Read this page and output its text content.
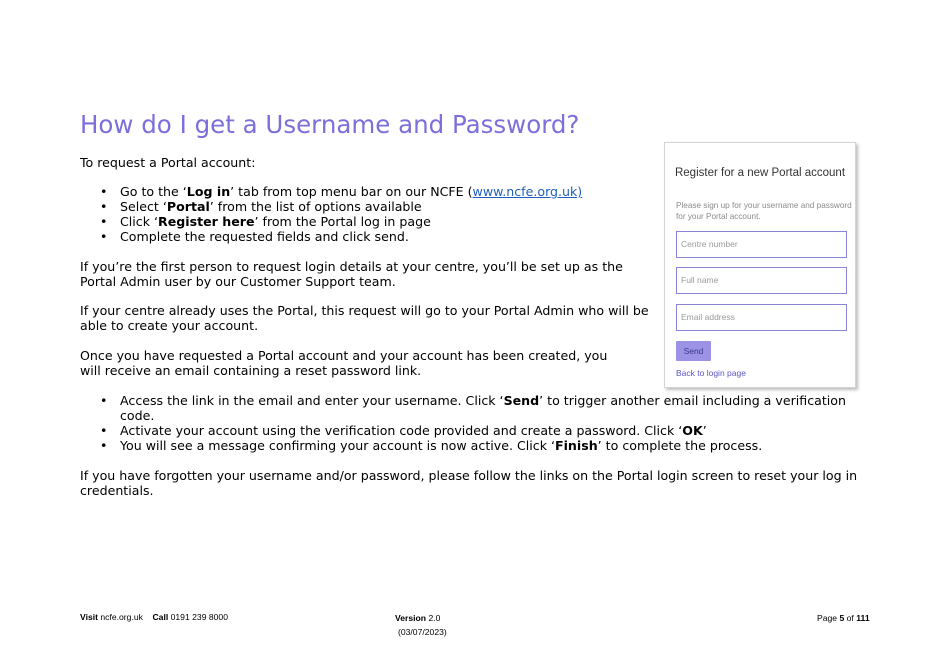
How do I get a Username and Password?

To request a Portal account:

• Go to the ‘Log in’ tab from top menu bar on our NCFE (www.ncfe.org.uk)
• Select ‘Portal’ from the list of options available
• Click ‘Register here’ from the Portal log in page
• Complete the requested fields and click send.

If you’re the first person to request login details at your centre, you’ll be set up as the Portal Admin user by our Customer Support team.

If your centre already uses the Portal, this request will go to your Portal Admin who will be able to create your account.

Once you have requested a Portal account and your account has been created, you will receive an email containing a reset password link.

• Access the link in the email and enter your username. Click ‘Send’ to trigger another email including a verification code.
• Activate your account using the verification code provided and create a password. Click ‘OK’
• You will see a message confirming your account is now active. Click ‘Finish’ to complete the process.

If you have forgotten your username and/or password, please follow the links on the Portal login screen to reset your log in credentials.

Register for a new Portal account
Please sign up for your username and password for your Portal account.
Centre number
Full name
Email address
Send
Back to login page
Visit ncfe.org.uk Call 0191 239 8000	Version 2.0
(03/07/2023)
Page 5 of 111
